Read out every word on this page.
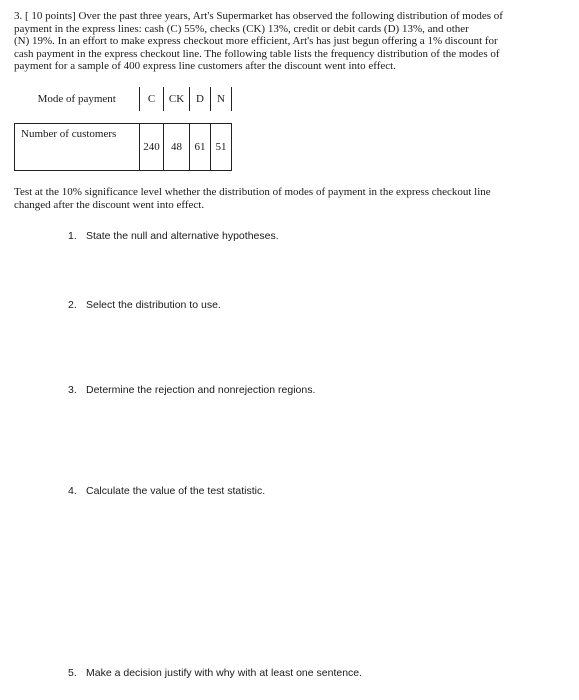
3. [ 10 points] Over the past three years, Art's Supermarket has observed the following distribution of modes of
payment in the express lines: cash (C) 55%, checks (CK) 13%, credit or debit cards (D) 13%, and other
(N) 19%. In an effort to make express checkout more efficient, Art's has just begun offering a 1% discount for
cash payment in the express checkout line. The following table lists the frequency distribution of the modes of
payment for a sample of 400 express line customers after the discount went into effect.
Mode of payment	C	CK	D	N

Number of customers	240	48	61	51
Test at the 10% significance level whether the distribution of modes of payment in the express checkout line
changed after the discount went into effect.
1. State the null and alternative hypotheses.
2. Select the distribution to use.
3. Determine the rejection and nonrejection regions.
4. Calculate the value of the test statistic.
5. Make a decision justify with why with at least one sentence.
